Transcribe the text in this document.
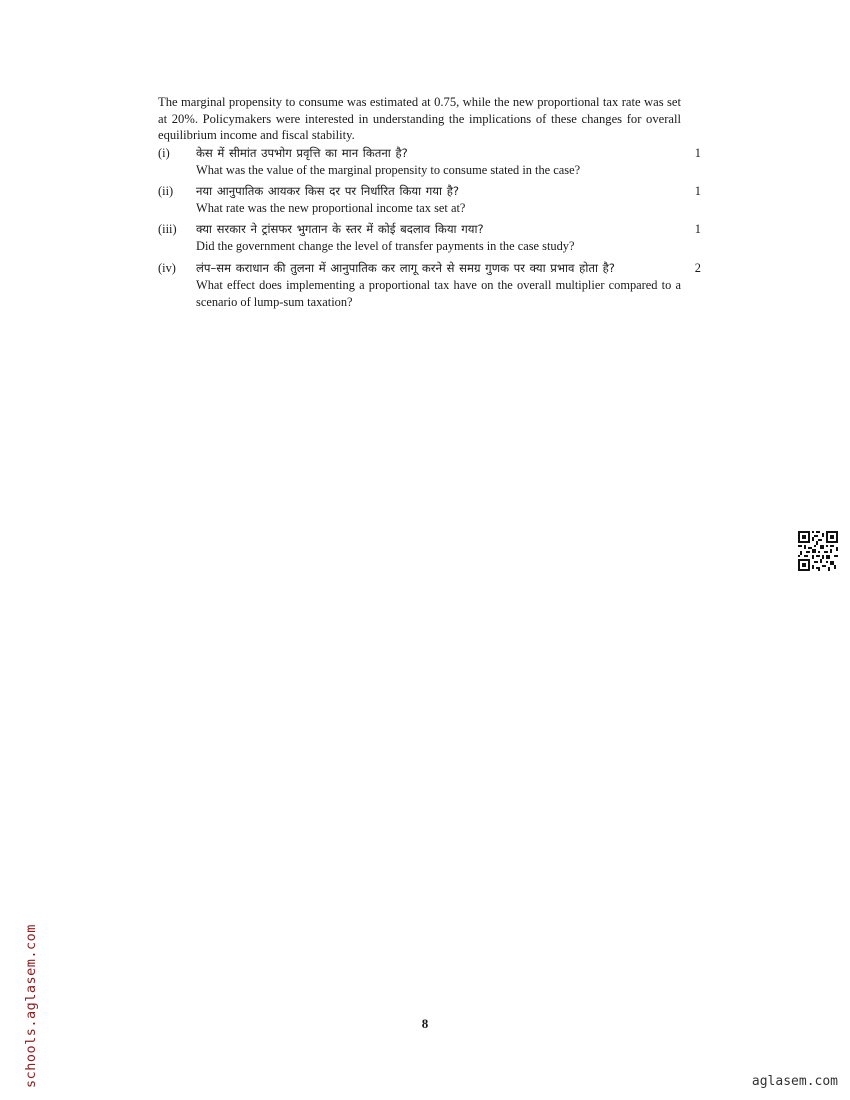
The marginal propensity to consume was estimated at 0.75, while the new proportional tax rate was set at 20%. Policymakers were interested in understanding the implications of these changes for overall equilibrium income and fiscal stability.

(i)	1
केस में सीमांत उपभोग प्रवृत्ति का मान कितना है?
What was the value of the marginal propensity to consume stated in the case?
(ii)	1
नया आनुपातिक आयकर किस दर पर निर्धारित किया गया है?
What rate was the new proportional income tax set at?
(iii)	1
क्या सरकार ने ट्रांसफर भुगतान के स्तर में कोई बदलाव किया गया?
Did the government change the level of transfer payments in the case study?
(iv)	2
लंप–सम कराधान की तुलना में आनुपातिक कर लागू करने से समग्र गुणक पर क्या प्रभाव होता है?
What effect does implementing a proportional tax have on the overall multiplier compared to a scenario of lump-sum taxation?
8
schools.aglasem.com	aglasem.com
